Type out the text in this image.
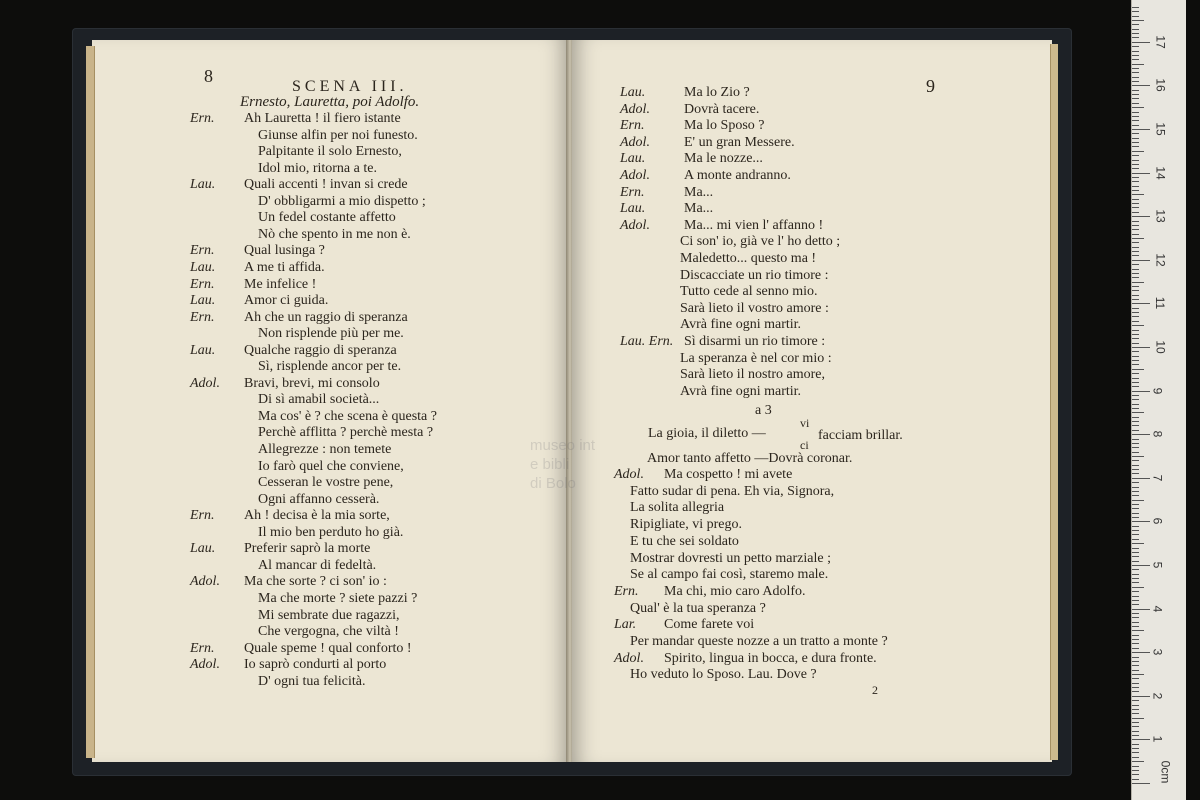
8
SCENA III.
Ernesto, Lauretta, poi Adolfo.
9
Ern. Ah Lauretta ! il fiero istante
Giunse alfin per noi funesto.
Palpitante il solo Ernesto,
Idol mio, ritorna a te.
Lau. Quali accenti ! invan si crede
D' obbligarmi a mio dispetto ;
Un fedel costante affetto
Nò che spento in me non è.
Ern. Qual lusinga ?
Lau. A me ti affida.
Ern. Me infelice !
Lau. Amor ci guida.
Ern. Ah che un raggio di speranza
Non risplende più per me.
Lau. Qualche raggio di speranza
Sì, risplende ancor per te.
Adol. Bravi, brevi, mi consolo
Di sì amabil società...
Ma cos' è ? che scena è questa ?
Perchè afflitta ? perchè mesta ?
Allegrezze : non temete
Io farò quel che conviene,
Cesseran le vostre pene,
Ogni affanno cesserà.
Ern. Ah ! decisa è la mia sorte,
Il mio ben perduto ho già.
Lau. Preferir saprò la morte
Al mancar di fedeltà.
Adol. Ma che sorte ? ci son' io :
Ma che morte ? siete pazzi ?
Mi sembrate due ragazzi,
Che vergogna, che viltà !
Ern. Quale speme ! qual conforto !
Adol. Io saprò condurti al porto
D' ogni tua felicità.
Lau.	Ma lo Zio ?
Adol. Dovrà tacere.
Ern.	Ma lo Sposo ?
Adol. E' un gran Messere.
Lau.	Ma le nozze...
Adol. A monte andranno.
Ern.	Ma...
Lau.	Ma...
Adol. Ma... mi vien l' affanno !
Ci son' io, già ve l' ho detto ;
Maledetto... questo ma !
Discacciate un rio timore :
Tutto cede al senno mio.
Sarà lieto il vostro amore :
Avrà fine ogni martir.
Lau. Ern. Sì disarmi un rio timore :
La speranza è nel cor mio :
Sarà lieto il nostro amore,
Avrà fine ogni martir.
Adol. Ma cospetto ! mi avete
Fatto sudar di pena. Eh via, Signora,
La solita allegria
Ripigliate, vi prego.
E tu che sei soldato
Mostrar dovresti un petto marziale ;
Se al campo fai così, staremo male.
Ern. Ma chi, mio caro Adolfo.
Qual' è la tua speranza ?
Lar. Come farete voi
Per mandar queste nozze a un tratto a monte ?
Adol. Spirito, lingua in bocca, e dura fronte.
Ho veduto lo Sposo. Lau. Dove ?
a 3
La gioia, il diletto —
vi
ci
facciam brillar.
Amor tanto affetto —Dovrà coronar.
2
museo int
e bibli
di Bolo
0cm
1
2
3
4
5
6
7
8
9
10
11
12
13
14
15
16
17
